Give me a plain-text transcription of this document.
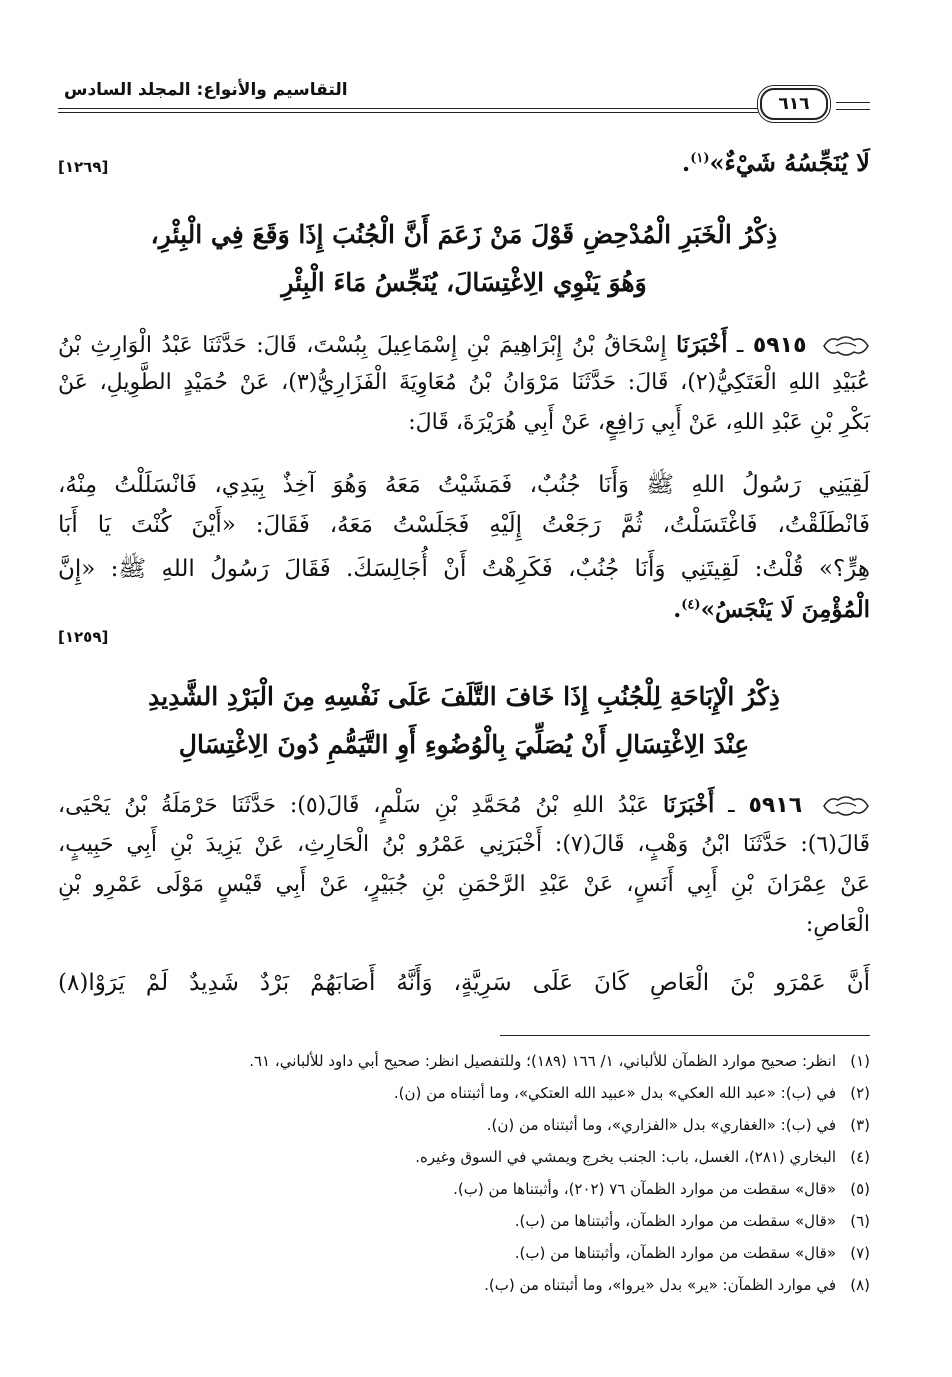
التقاسيم والأنواع: المجلد السادس
٦١٦
لَا يُنَجِّسُهُ شَيْءٌ»$^{(١)}$.
[١٢٦٩]
ذِكْرُ الْخَبَرِ الْمُدْحِضِ قَوْلَ مَنْ زَعَمَ أَنَّ الْجُنُبَ إِذَا وَقَعَ فِي الْبِئْرِ،
وَهُوَ يَنْوِي الِاغْتِسَالَ، يُنَجِّسُ مَاءَ الْبِئْرِ
٥٩١٥ ـ أَخْبَرَنَا إِسْحَاقُ بْنُ إِبْرَاهِيمَ بْنِ إِسْمَاعِيلَ بِبُسْتَ، قَالَ: حَدَّثَنَا عَبْدُ الْوَارِثِ بْنُ
عُبَيْدِ اللهِ الْعَتَكِيُّ(٢)، قَالَ: حَدَّثَنَا مَرْوَانُ بْنُ مُعَاوِيَةَ الْفَزَارِيُّ(٣)، عَنْ حُمَيْدٍ الطَّوِيلِ، عَنْ
بَكْرِ بْنِ عَبْدِ اللهِ، عَنْ أَبِي رَافِعٍ، عَنْ أَبِي هُرَيْرَةَ، قَالَ:
لَقِيَنِي رَسُولُ اللهِ ﷺ وَأَنَا جُنُبٌ، فَمَشَيْتُ مَعَهُ وَهُوَ آخِذٌ بِيَدِي، فَانْسَلَلْتُ مِنْهُ،
فَانْطَلَقْتُ، فَاغْتَسَلْتُ، ثُمَّ رَجَعْتُ إِلَيْهِ فَجَلَسْتُ مَعَهُ، فَقَالَ: «أَيْنَ كُنْتَ يَا أَبَا
هِرٍّ؟» قُلْتُ: لَقِيتَنِي وَأَنَا جُنُبٌ، فَكَرِهْتُ أَنْ أُجَالِسَكَ. فَقَالَ رَسُولُ اللهِ ﷺ: «إِنَّ
الْمُؤْمِنَ لَا يَنْجَسُ»$^{(٤)}$.
[١٢٥٩]
ذِكْرُ الْإِبَاحَةِ لِلْجُنُبِ إِذَا خَافَ التَّلَفَ عَلَى نَفْسِهِ مِنَ الْبَرْدِ الشَّدِيدِ
عِنْدَ الِاغْتِسَالِ أَنْ يُصَلِّيَ بِالْوُضُوءِ أَوِ التَّيَمُّمِ دُونَ الِاغْتِسَالِ
٥٩١٦ ـ أَخْبَرَنَا عَبْدُ اللهِ بْنُ مُحَمَّدِ بْنِ سَلْمٍ، قَالَ(٥): حَدَّثَنَا حَرْمَلَةُ بْنُ يَحْيَى،
قَالَ(٦): حَدَّثَنَا ابْنُ وَهْبٍ، قَالَ(٧): أَخْبَرَنِي عَمْرُو بْنُ الْحَارِثِ، عَنْ يَزِيدَ بْنِ أَبِي حَبِيبٍ،
عَنْ عِمْرَانَ بْنِ أَبِي أَنَسٍ، عَنْ عَبْدِ الرَّحْمَنِ بْنِ جُبَيْرٍ، عَنْ أَبِي قَيْسٍ مَوْلَى عَمْرِو بْنِ
الْعَاصِ:
أَنَّ عَمْرَو بْنَ الْعَاصِ كَانَ عَلَى سَرِيَّةٍ، وَأَنَّهُ أَصَابَهُمْ بَرْدٌ شَدِيدٌ لَمْ يَرَوْا(٨)
(١)انظر: صحيح موارد الظمآن للألباني، ١/ ١٦٦ (١٨٩)؛ وللتفصيل انظر: صحيح أبي داود للألباني، ٦١.
(٢)في (ب): «عبد الله العكي» بدل «عبيد الله العتكي»، وما أثبتناه من (ن).
(٣)في (ب): «الغفاري» بدل «الفزاري»، وما أثبتناه من (ن).
(٤)البخاري (٢٨١)، الغسل، باب: الجنب يخرج ويمشي في السوق وغيره.
(٥)«قال» سقطت من موارد الظمآن ٧٦ (٢٠٢)، وأثبتناها من (ب).
(٦)«قال» سقطت من موارد الظمآن، وأثبتناها من (ب).
(٧)«قال» سقطت من موارد الظمآن، وأثبتناها من (ب).
(٨)في موارد الظمآن: «ير» بدل «يروا»، وما أثبتناه من (ب).
